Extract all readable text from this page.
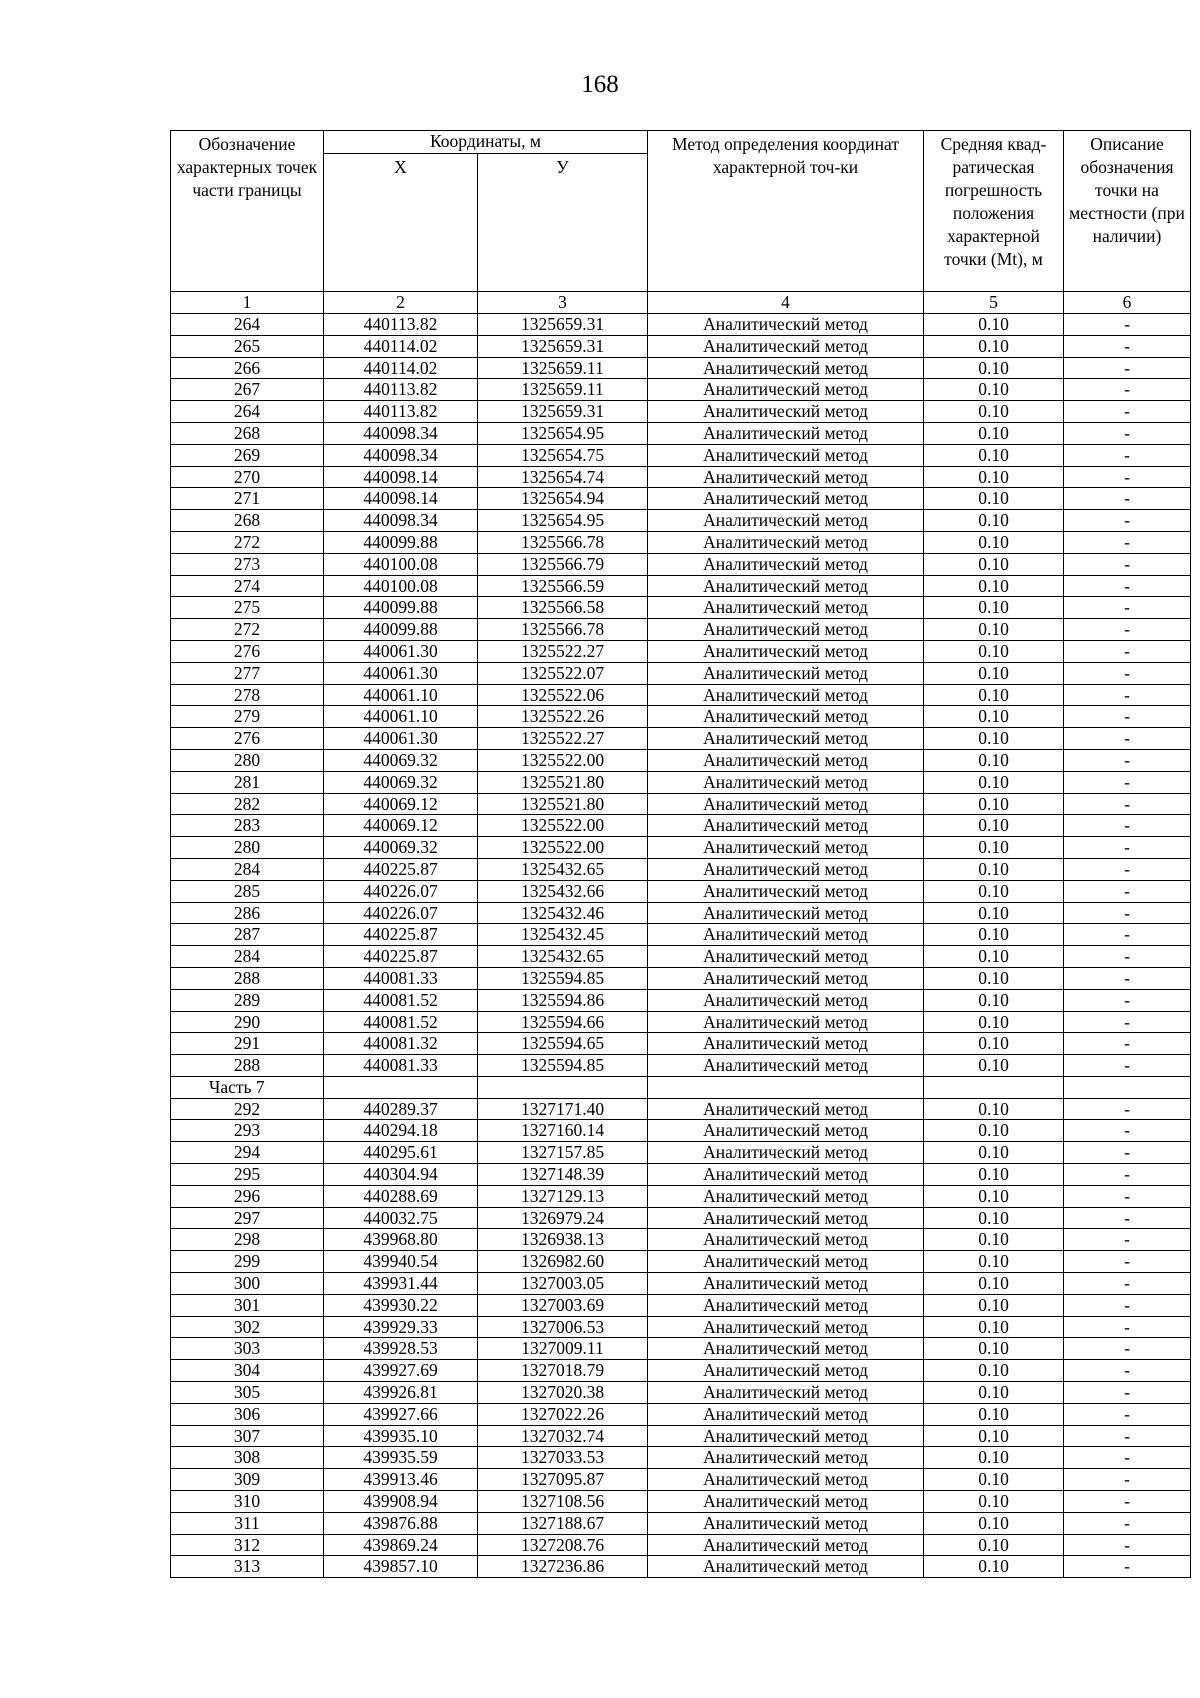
168
Обозначение характерных точек части границы	Координаты, м		Метод определения координат характерной точ-ки	Средняя квад-ратическая погрешность положения характерной точки (Мt), м	Описание обозначения точки на местности (при наличии)
	Х	У			
1	2	3	4	5	6
264	440113.82	1325659.31	Аналитический метод	0.10	-
265	440114.02	1325659.31	Аналитический метод	0.10	-
266	440114.02	1325659.11	Аналитический метод	0.10	-
267	440113.82	1325659.11	Аналитический метод	0.10	-
264	440113.82	1325659.31	Аналитический метод	0.10	-
268	440098.34	1325654.95	Аналитический метод	0.10	-
269	440098.34	1325654.75	Аналитический метод	0.10	-
270	440098.14	1325654.74	Аналитический метод	0.10	-
271	440098.14	1325654.94	Аналитический метод	0.10	-
268	440098.34	1325654.95	Аналитический метод	0.10	-
272	440099.88	1325566.78	Аналитический метод	0.10	-
273	440100.08	1325566.79	Аналитический метод	0.10	-
274	440100.08	1325566.59	Аналитический метод	0.10	-
275	440099.88	1325566.58	Аналитический метод	0.10	-
272	440099.88	1325566.78	Аналитический метод	0.10	-
276	440061.30	1325522.27	Аналитический метод	0.10	-
277	440061.30	1325522.07	Аналитический метод	0.10	-
278	440061.10	1325522.06	Аналитический метод	0.10	-
279	440061.10	1325522.26	Аналитический метод	0.10	-
276	440061.30	1325522.27	Аналитический метод	0.10	-
280	440069.32	1325522.00	Аналитический метод	0.10	-
281	440069.32	1325521.80	Аналитический метод	0.10	-
282	440069.12	1325521.80	Аналитический метод	0.10	-
283	440069.12	1325522.00	Аналитический метод	0.10	-
280	440069.32	1325522.00	Аналитический метод	0.10	-
284	440225.87	1325432.65	Аналитический метод	0.10	-
285	440226.07	1325432.66	Аналитический метод	0.10	-
286	440226.07	1325432.46	Аналитический метод	0.10	-
287	440225.87	1325432.45	Аналитический метод	0.10	-
284	440225.87	1325432.65	Аналитический метод	0.10	-
288	440081.33	1325594.85	Аналитический метод	0.10	-
289	440081.52	1325594.86	Аналитический метод	0.10	-
290	440081.52	1325594.66	Аналитический метод	0.10	-
291	440081.32	1325594.65	Аналитический метод	0.10	-
288	440081.33	1325594.85	Аналитический метод	0.10	-
Часть 7					
292	440289.37	1327171.40	Аналитический метод	0.10	-
293	440294.18	1327160.14	Аналитический метод	0.10	-
294	440295.61	1327157.85	Аналитический метод	0.10	-
295	440304.94	1327148.39	Аналитический метод	0.10	-
296	440288.69	1327129.13	Аналитический метод	0.10	-
297	440032.75	1326979.24	Аналитический метод	0.10	-
298	439968.80	1326938.13	Аналитический метод	0.10	-
299	439940.54	1326982.60	Аналитический метод	0.10	-
300	439931.44	1327003.05	Аналитический метод	0.10	-
301	439930.22	1327003.69	Аналитический метод	0.10	-
302	439929.33	1327006.53	Аналитический метод	0.10	-
303	439928.53	1327009.11	Аналитический метод	0.10	-
304	439927.69	1327018.79	Аналитический метод	0.10	-
305	439926.81	1327020.38	Аналитический метод	0.10	-
306	439927.66	1327022.26	Аналитический метод	0.10	-
307	439935.10	1327032.74	Аналитический метод	0.10	-
308	439935.59	1327033.53	Аналитический метод	0.10	-
309	439913.46	1327095.87	Аналитический метод	0.10	-
310	439908.94	1327108.56	Аналитический метод	0.10	-
311	439876.88	1327188.67	Аналитический метод	0.10	-
312	439869.24	1327208.76	Аналитический метод	0.10	-
313	439857.10	1327236.86	Аналитический метод	0.10	-
